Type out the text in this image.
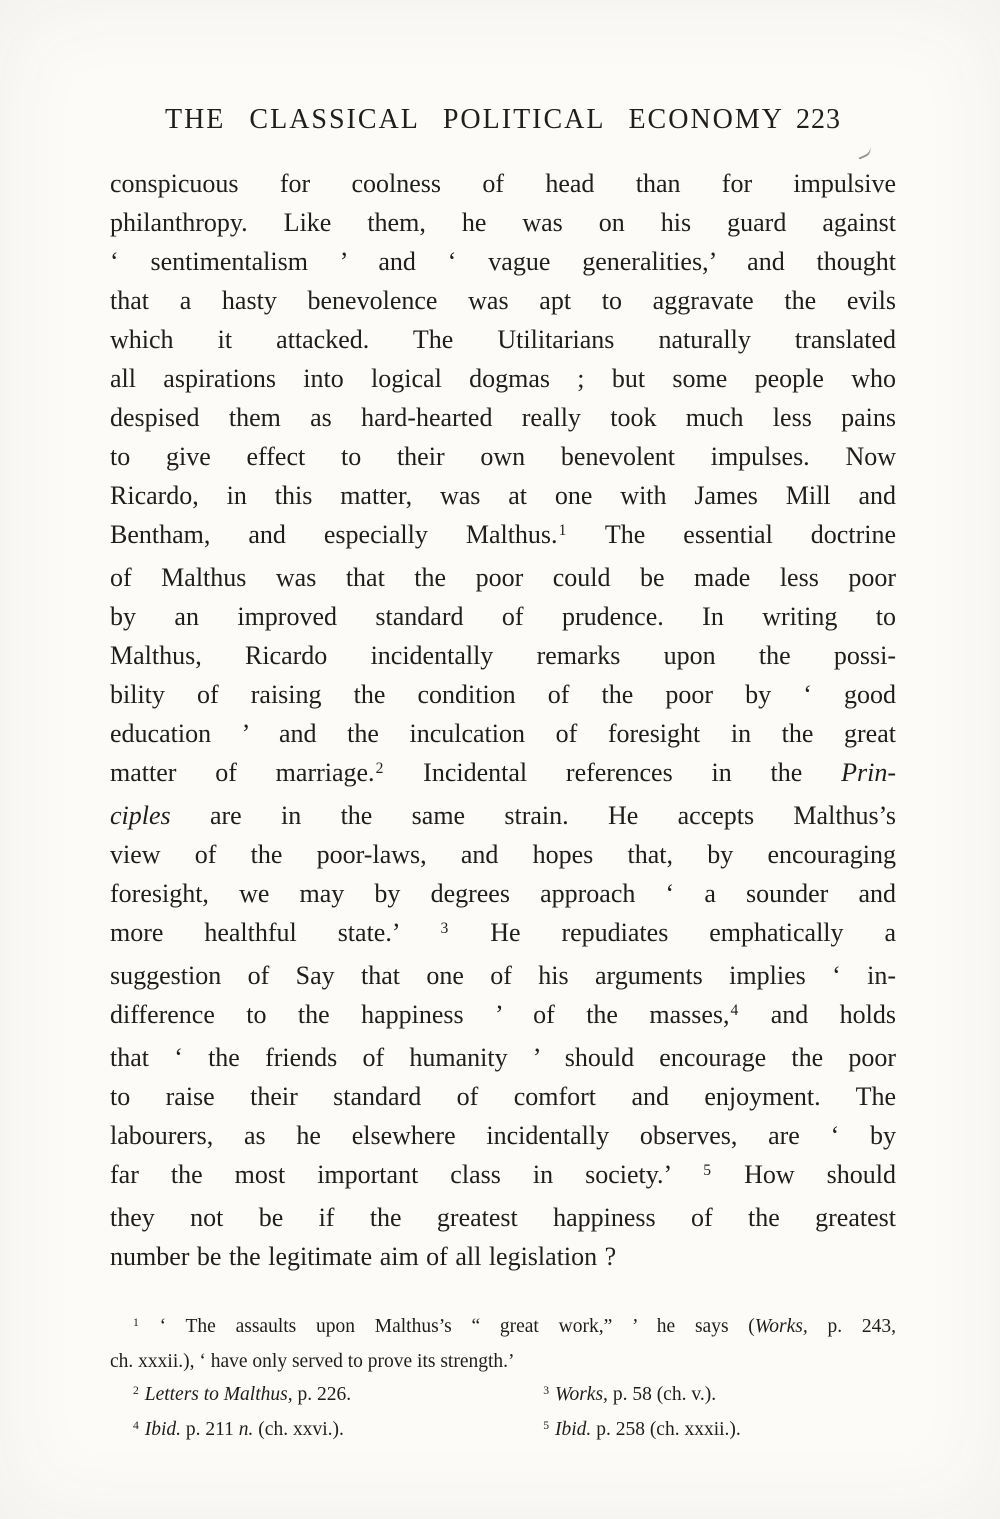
THE CLASSICAL POLITICAL ECONOMY 223
conspicuous for coolness of head than for impulsive
philanthropy. Like them, he was on his guard against
‘ sentimentalism ’ and ‘ vague generalities,’ and thought
that a hasty benevolence was apt to aggravate the evils
which it attacked. The Utilitarians naturally translated
all aspirations into logical dogmas ; but some people who
despised them as hard-hearted really took much less pains
to give effect to their own benevolent impulses. Now
Ricardo, in this matter, was at one with James Mill and
Bentham, and especially Malthus.$^1$ The essential doctrine
of Malthus was that the poor could be made less poor
by an improved standard of prudence. In writing to
Malthus, Ricardo incidentally remarks upon the possi-
bility of raising the condition of the poor by ‘ good
education ’ and the inculcation of foresight in the great
matter of marriage.$^2$ Incidental references in the Prin-
ciples are in the same strain. He accepts Malthus’s
view of the poor-laws, and hopes that, by encouraging
foresight, we may by degrees approach ‘ a sounder and
more healthful state.’ $^3$ He repudiates emphatically a
suggestion of Say that one of his arguments implies ‘ in-
difference to the happiness ’ of the masses,$^4$ and holds
that ‘ the friends of humanity ’ should encourage the poor
to raise their standard of comfort and enjoyment. The
labourers, as he elsewhere incidentally observes, are ‘ by
far the most important class in society.’ $^5$ How should
they not be if the greatest happiness of the greatest
number be the legitimate aim of all legislation ?
$^1$ ‘ The assaults upon Malthus’s “ great work,” ’ he says (Works, p. 243,
ch. xxxii.), ‘ have only served to prove its strength.’
$^2$ Letters to Malthus, p. 226.	$^3$ Works, p. 58 (ch. v.).
$^4$ Ibid. p. 211 n. (ch. xxvi.).	$^5$ Ibid. p. 258 (ch. xxxii.).
